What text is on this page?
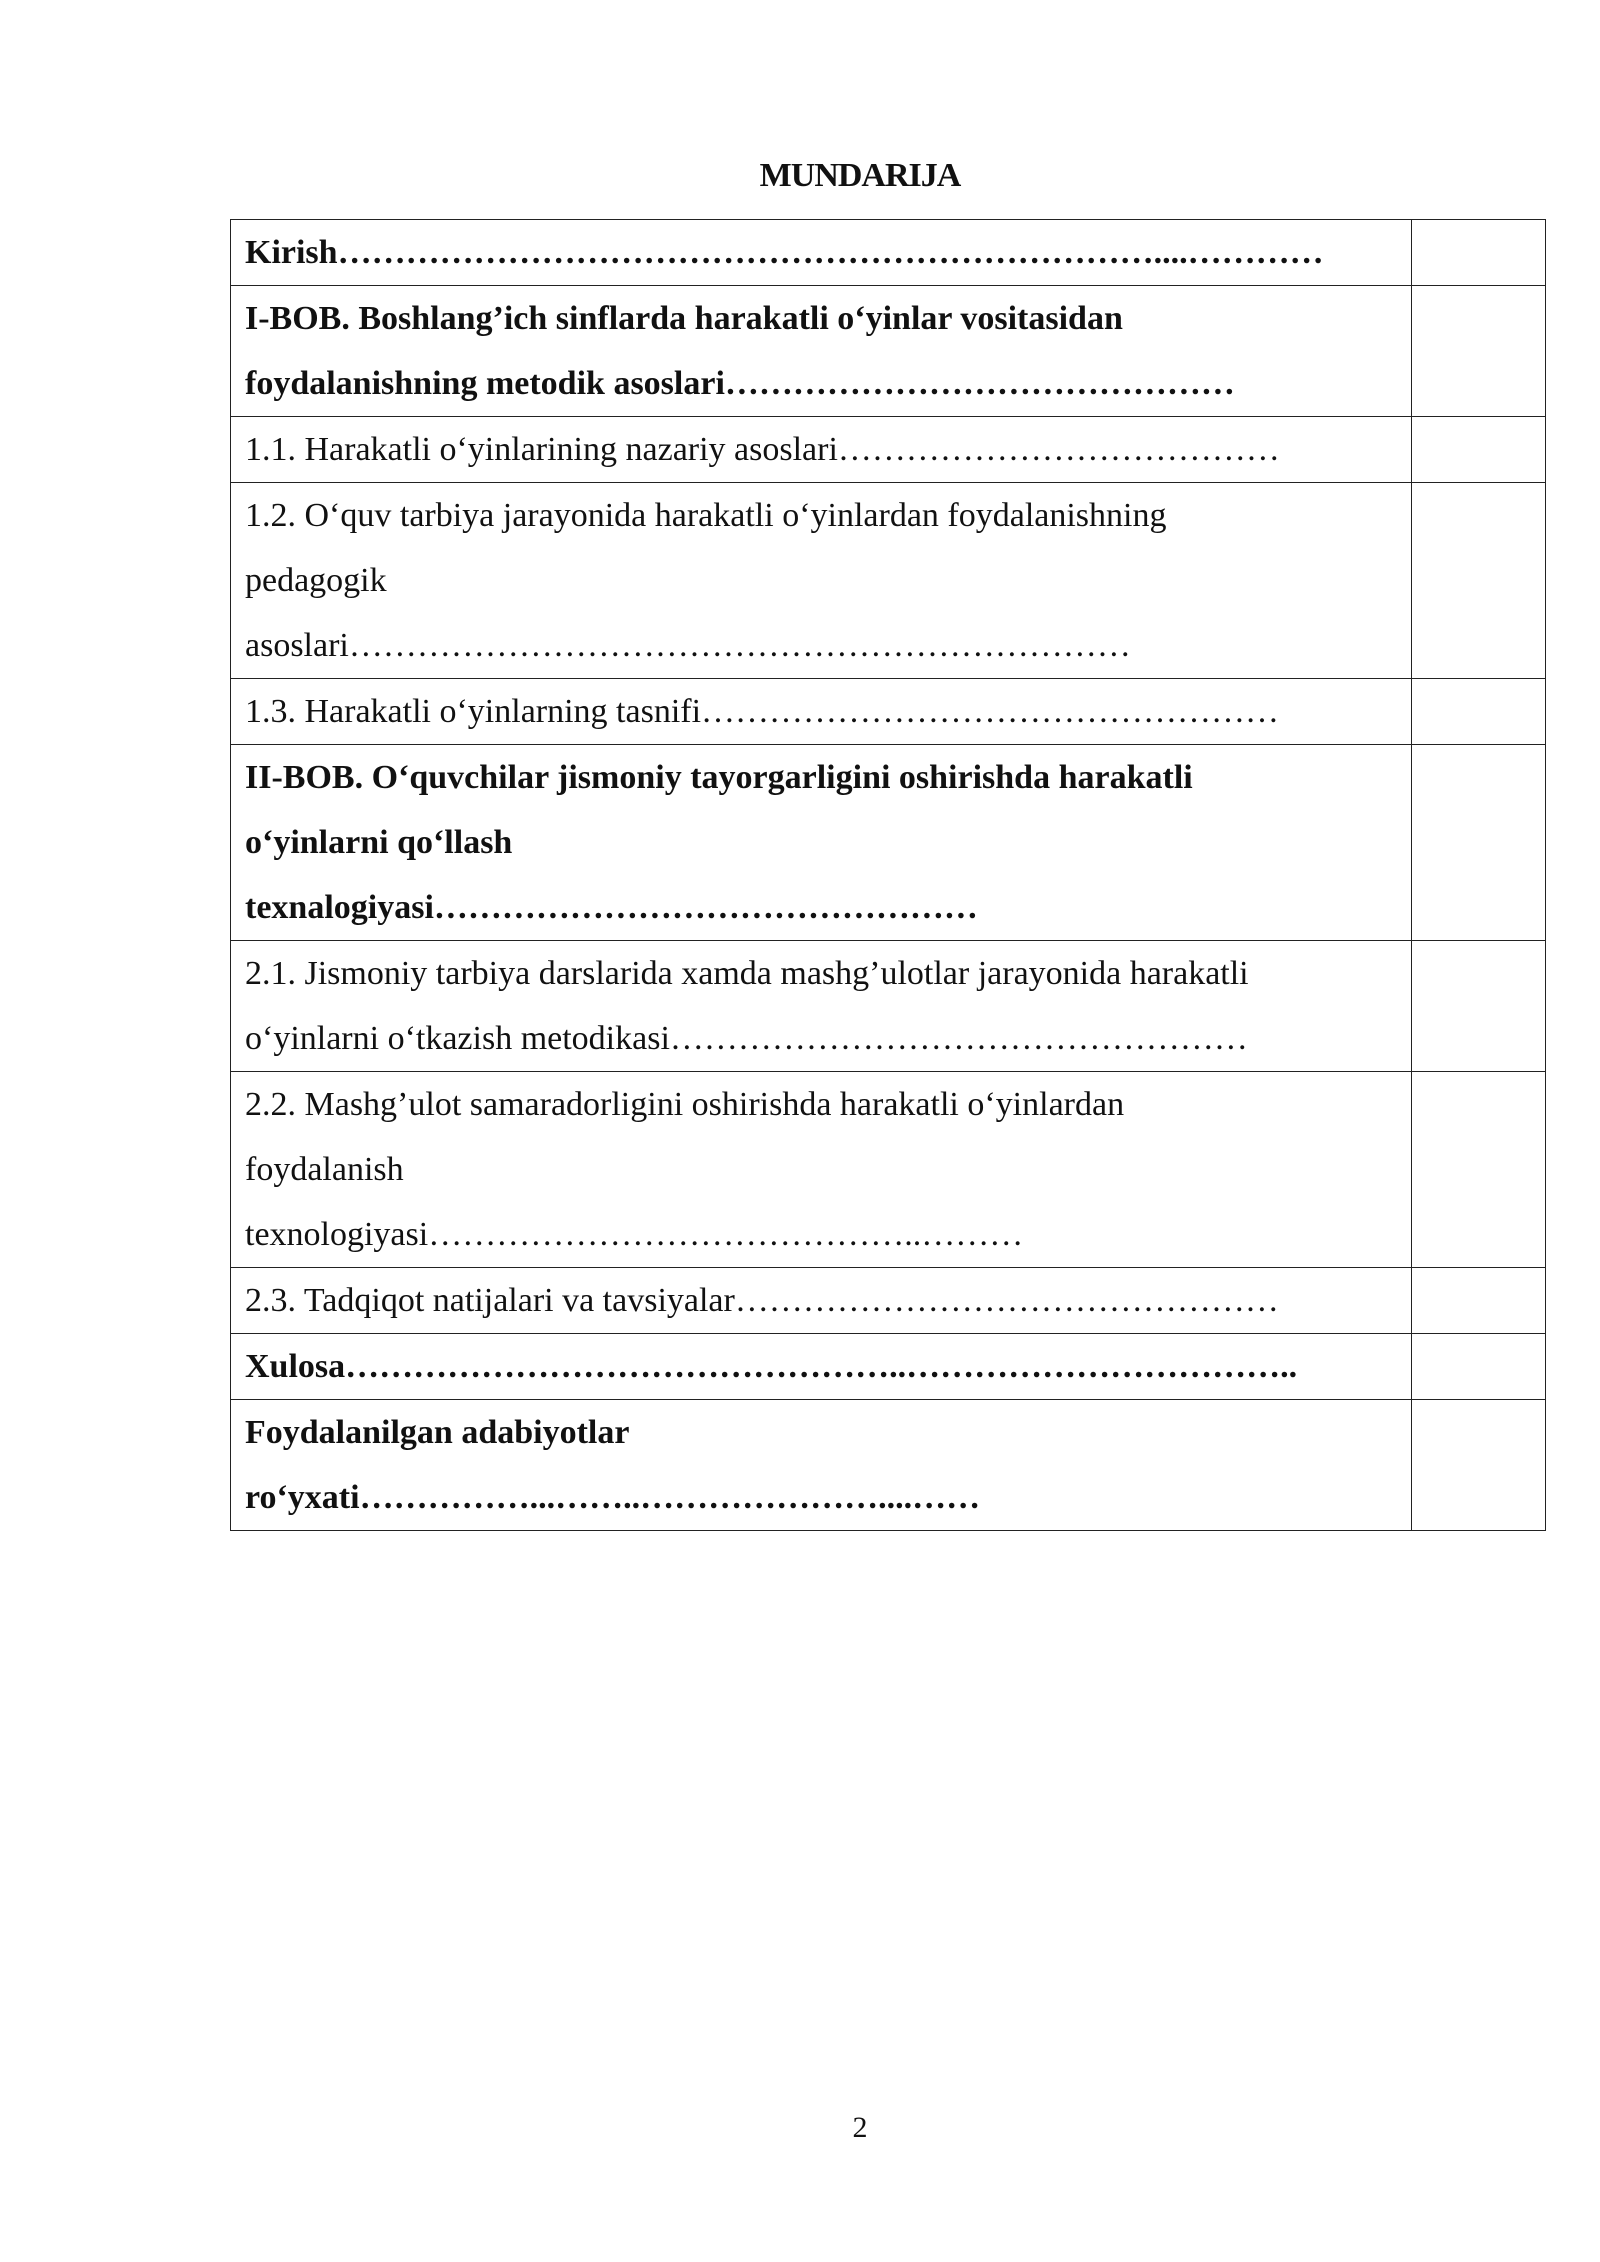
MUNDARIJA
Kirish………………………………………………………………....…………	
I-BOB. Boshlang’ich sinflarda harakatli o‘yinlar vositasidan
foydalanishning metodik asoslari………………………………………	
1.1. Harakatli o‘yinlarining nazariy asoslari…………………………………	
1.2. O‘quv tarbiya jarayonida harakatli o‘yinlardan foydalanishning
pedagogik
asoslari……………………………………………………………	
1.3. Harakatli o‘yinlarning tasnifi……………………………………………	
II-BOB. O‘quvchilar jismoniy tayorgarligini oshirishda harakatli
o‘yinlarni qo‘llash
texnalogiyasi…………………………………………	
2.1. Jismoniy tarbiya darslarida xamda mashg’ulotlar jarayonida harakatli
o‘yinlarni o‘tkazish metodikasi……………………………………………	
2.2. Mashg’ulot samaradorligini oshirishda harakatli o‘yinlardan
foydalanish
texnologiyasi……………………………………..………	
2.3. Tadqiqot natijalari va tavsiyalar…………………………………………	
Xulosa…………………………………………..……………………………..	
Foydalanilgan adabiyotlar
ro‘yxati……………...……..…………………....……	
2
